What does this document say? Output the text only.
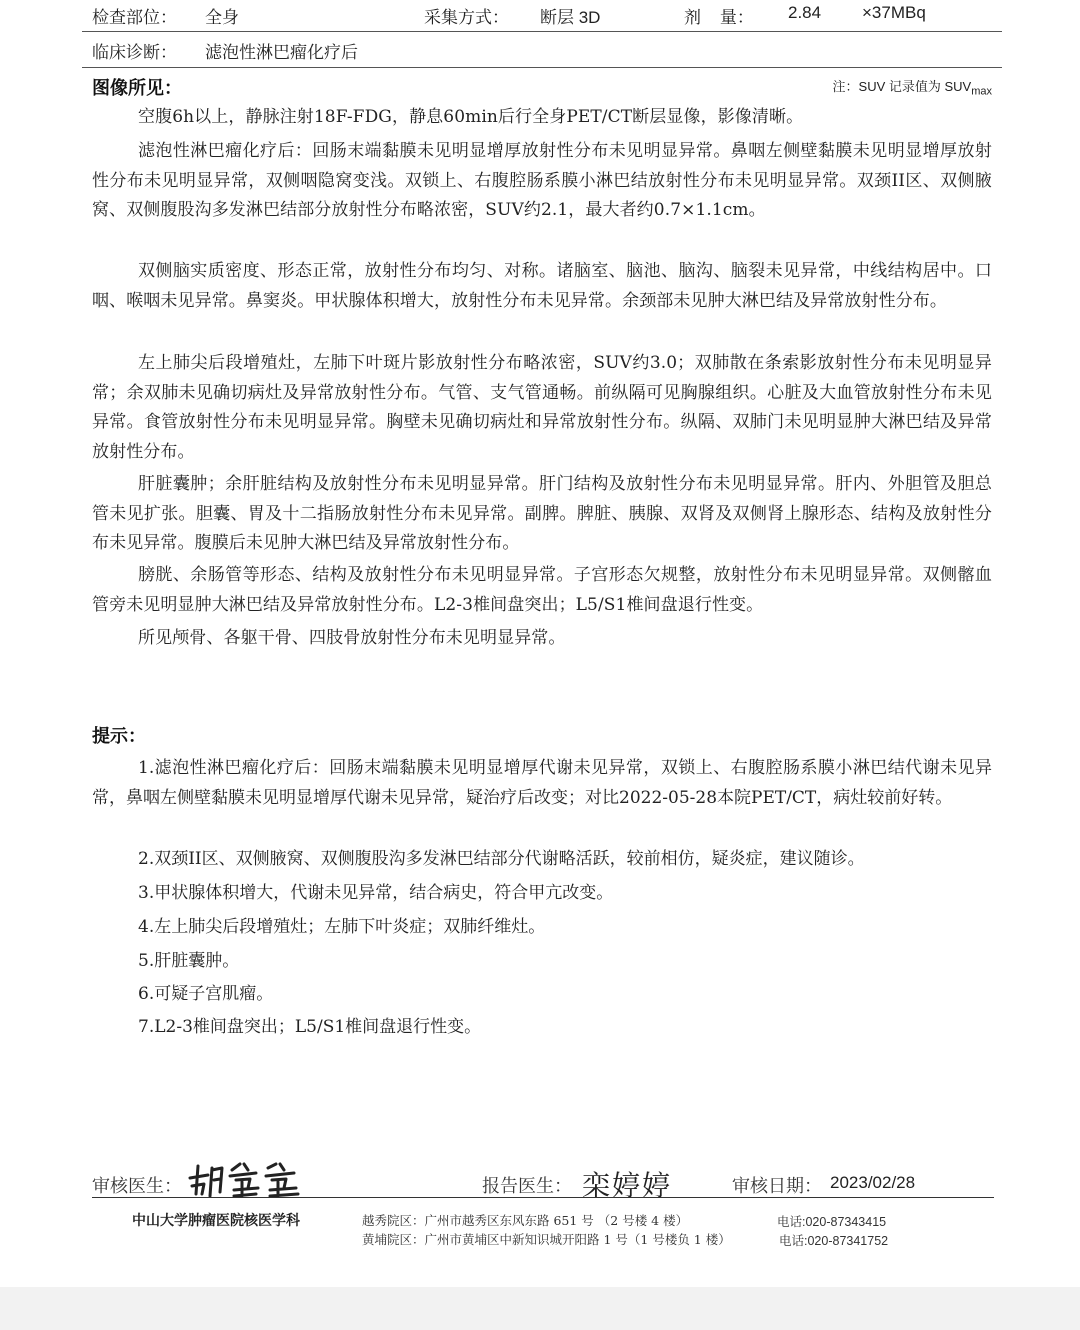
检查部位： 全身	采集方式： 断层 3D	剂    量： 2.84 ×37MBq
临床诊断： 滤泡性淋巴瘤化疗后
图像所见：	注：SUV 记录值为 $SUV_{max}$

空腹6h以上，静脉注射18F-FDG，静息60min后行全身PET/CT断层显像，影像清晰。

滤泡性淋巴瘤化疗后：回肠末端黏膜未见明显增厚放射性分布未见明显异常。鼻咽左侧壁黏膜未见明显增厚放射性分布未见明显异常，双侧咽隐窝变浅。双锁上、右腹腔肠系膜小淋巴结放射性分布未见明显异常。双颈II区、双侧腋窝、双侧腹股沟多发淋巴结部分放射性分布略浓密，SUV约2.1，最大者约0.7×1.1cm。

双侧脑实质密度、形态正常，放射性分布均匀、对称。诸脑室、脑池、脑沟、脑裂未见异常，中线结构居中。口咽、喉咽未见异常。鼻窦炎。甲状腺体积增大，放射性分布未见异常。余颈部未见肿大淋巴结及异常放射性分布。

左上肺尖后段增殖灶，左肺下叶斑片影放射性分布略浓密，SUV约3.0；双肺散在条索影放射性分布未见明显异常；余双肺未见确切病灶及异常放射性分布。气管、支气管通畅。前纵隔可见胸腺组织。心脏及大血管放射性分布未见异常。食管放射性分布未见明显异常。胸壁未见确切病灶和异常放射性分布。纵隔、双肺门未见明显肿大淋巴结及异常放射性分布。

肝脏囊肿；余肝脏结构及放射性分布未见明显异常。肝门结构及放射性分布未见明显异常。肝内、外胆管及胆总管未见扩张。胆囊、胃及十二指肠放射性分布未见异常。副脾。脾脏、胰腺、双肾及双侧肾上腺形态、结构及放射性分布未见异常。腹膜后未见肿大淋巴结及异常放射性分布。

膀胱、余肠管等形态、结构及放射性分布未见明显异常。子宫形态欠规整，放射性分布未见明显异常。双侧髂血管旁未见明显肿大淋巴结及异常放射性分布。L2-3椎间盘突出；L5/S1椎间盘退行性变。

所见颅骨、各躯干骨、四肢骨放射性分布未见明显异常。

提示：

1.滤泡性淋巴瘤化疗后：回肠末端黏膜未见明显增厚代谢未见异常，双锁上、右腹腔肠系膜小淋巴结代谢未见异常，鼻咽左侧壁黏膜未见明显增厚代谢未见异常，疑治疗后改变；对比2022-05-28本院PET/CT，病灶较前好转。

2.双颈II区、双侧腋窝、双侧腹股沟多发淋巴结部分代谢略活跃，较前相仿，疑炎症，建议随诊。

3.甲状腺体积增大，代谢未见异常，结合病史，符合甲亢改变。

4.左上肺尖后段增殖灶；左肺下叶炎症；双肺纤维灶。

5.肝脏囊肿。

6.可疑子宫肌瘤。

7.L2-3椎间盘突出；L5/S1椎间盘退行性变。

审核医生：	报告医生： 栾婷婷	审核日期： 2023/02/28
中山大学肿瘤医院核医学科	越秀院区：广州市越秀区东风东路 651 号 （2 号楼 4 楼）	电话:020-87343415
黄埔院区：广州市黄埔区中新知识城开阳路 1 号（1 号楼负 1 楼）	电话:020-87341752
